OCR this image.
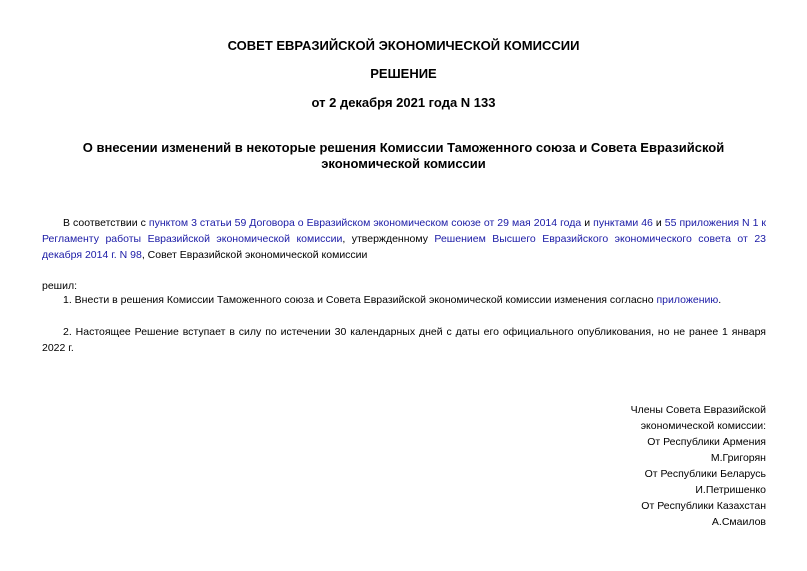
СОВЕТ ЕВРАЗИЙСКОЙ ЭКОНОМИЧЕСКОЙ КОМИССИИ
РЕШЕНИЕ
от 2 декабря 2021 года N 133
О внесении изменений в некоторые решения Комиссии Таможенного союза и Совета Евразийской экономической комиссии
В соответствии с пунктом 3 статьи 59 Договора о Евразийском экономическом союзе от 29 мая 2014 года и пунктами 46 и 55 приложения N 1 к Регламенту работы Евразийской экономической комиссии, утвержденному Решением Высшего Евразийского экономического совета от 23 декабря 2014 г. N 98, Совет Евразийской экономической комиссии
решил:
1. Внести в решения Комиссии Таможенного союза и Совета Евразийской экономической комиссии изменения согласно приложению.
2. Настоящее Решение вступает в силу по истечении 30 календарных дней с даты его официального опубликования, но не ранее 1 января 2022 г.
Члены Совета Евразийской
экономической комиссии:
От Республики Армения
М.Григорян
От Республики Беларусь
И.Петришенко
От Республики Казахстан
А.Смаилов
